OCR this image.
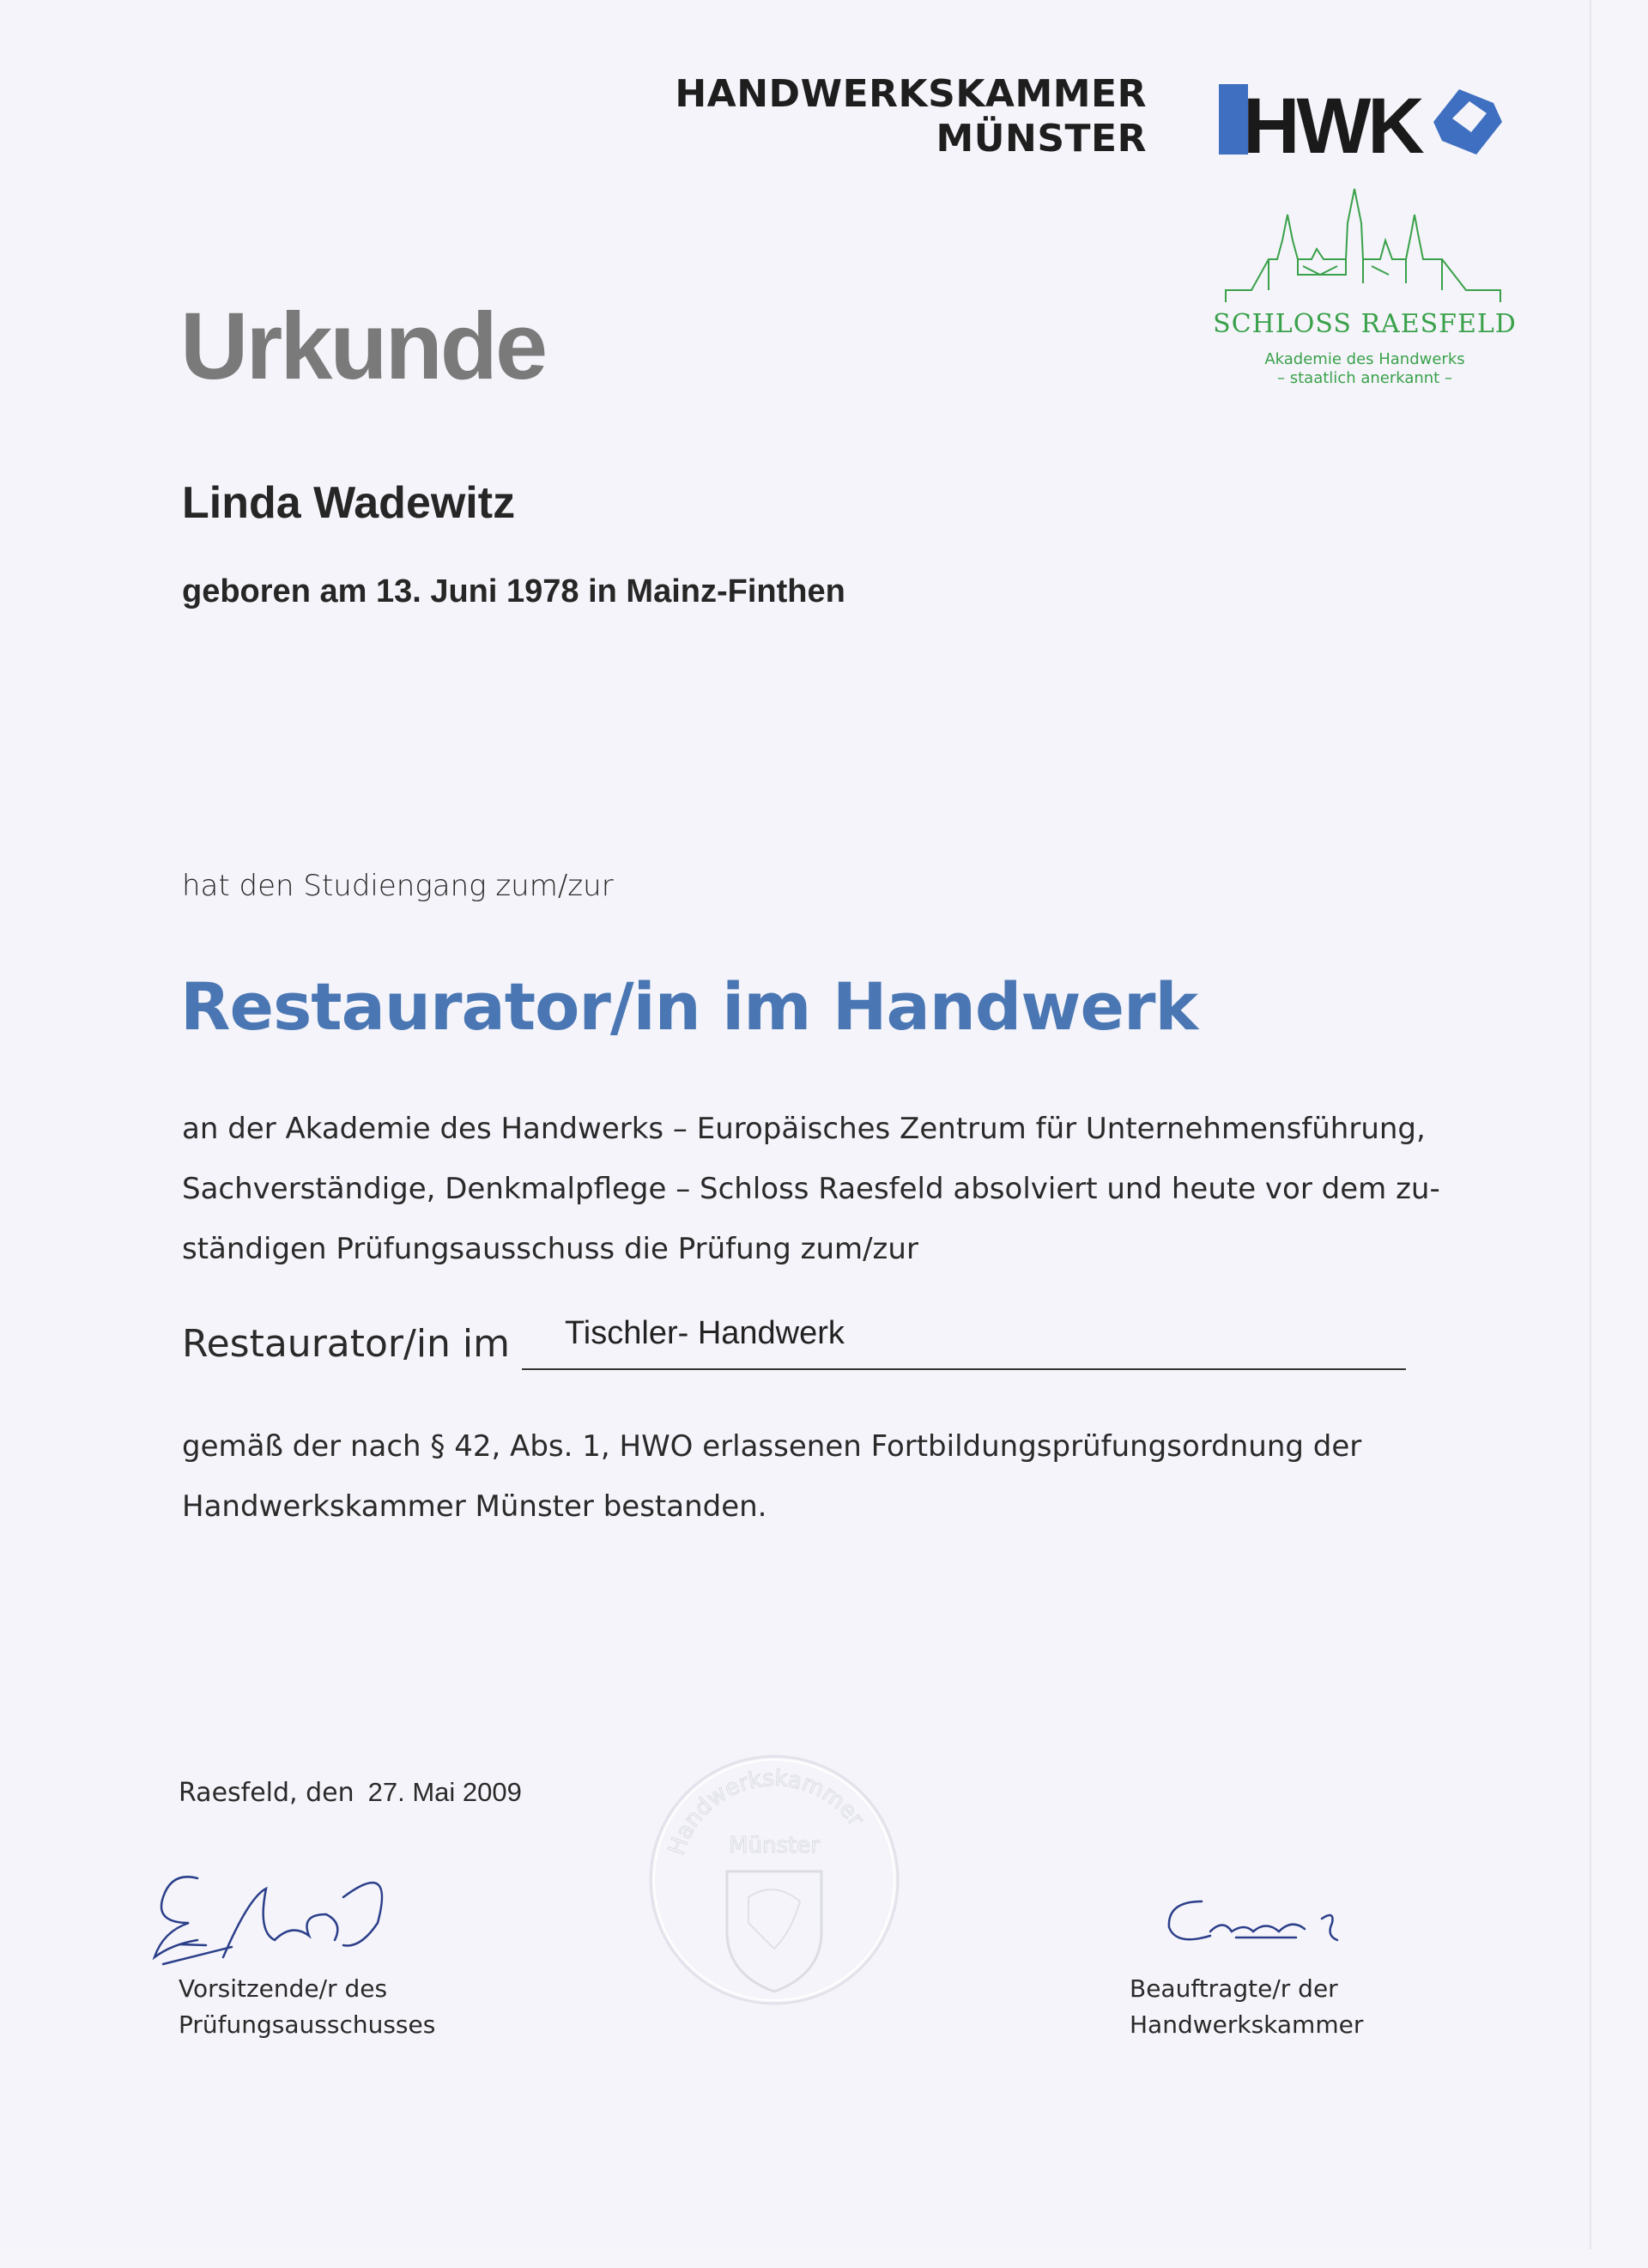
HANDWERKSKAMMER
MÜNSTER HWK
SCHLOSS RAESFELD
Akademie des Handwerks
– staatlich anerkannt –
Urkunde
Linda Wadewitz
geboren am 13. Juni 1978 in Mainz-Finthen
hat den Studiengang zum/zur
Restaurator/in im Handwerk
an der Akademie des Handwerks – Europäisches Zentrum für Unternehmensführung,
Sachverständige, Denkmalpflege – Schloss Raesfeld absolviert und heute vor dem zu-
ständigen Prüfungsausschuss die Prüfung zum/zur
Restaurator/in im Tischler- Handwerk
gemäß der nach § 42, Abs. 1, HWO erlassenen Fortbildungsprüfungsordnung der
Handwerkskammer Münster bestanden.
Raesfeld, den 27. Mai 2009
Handwerkskammer
Münster
Vorsitzende/r des
Prüfungsausschusses
Beauftragte/r der
Handwerkskammer
